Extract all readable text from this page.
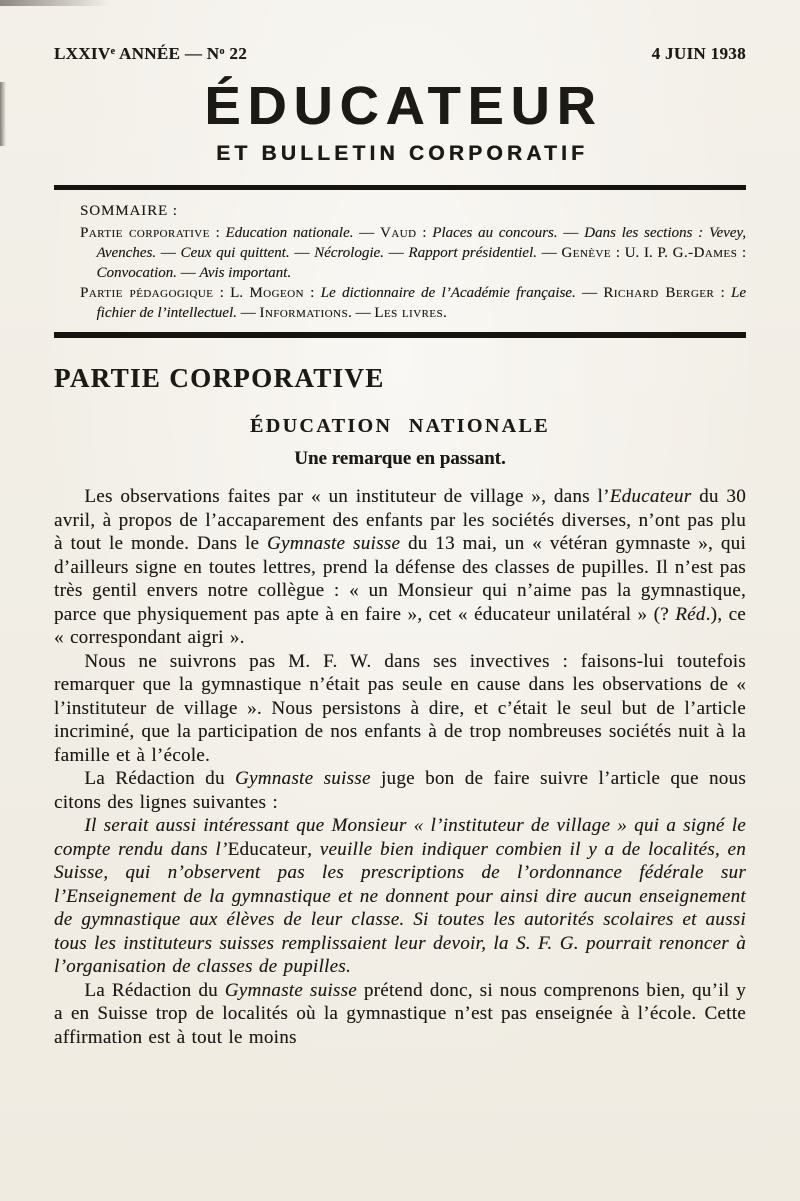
LXXIVe ANNÉE — $N^o$ 22	4 JUIN 1938
ÉDUCATEUR
ET BULLETIN CORPORATIF
SOMMAIRE :

Partie corporative : Education nationale. — Vaud : Places au concours. — Dans les sections : Vevey, Avenches. — Ceux qui quittent. — Nécrologie. — Rapport présidentiel. — Genève : U. I. P. G.-Dames : Convocation. — Avis important.

Partie pédagogique : L. Mogeon : Le dictionnaire de l’Académie française. — Richard Berger : Le fichier de l’intellectuel. — Informations. — Les livres.

PARTIE CORPORATIVE
ÉDUCATION NATIONALE
Une remarque en passant.

Les observations faites par « un instituteur de village », dans l’Educateur du 30 avril, à propos de l’accaparement des enfants par les sociétés diverses, n’ont pas plu à tout le monde. Dans le Gymnaste suisse du 13 mai, un « vétéran gymnaste », qui d’ailleurs signe en toutes lettres, prend la défense des classes de pupilles. Il n’est pas très gentil envers notre collègue : « un Monsieur qui n’aime pas la gymnastique, parce que physiquement pas apte à en faire », cet « éducateur unilatéral » (? Réd.), ce « correspondant aigri ».

Nous ne suivrons pas M. F. W. dans ses invectives : faisons-lui toutefois remarquer que la gymnastique n’était pas seule en cause dans les observations de « l’instituteur de village ». Nous persistons à dire, et c’était le seul but de l’article incriminé, que la participation de nos enfants à de trop nombreuses sociétés nuit à la famille et à l’école.

La Rédaction du Gymnaste suisse juge bon de faire suivre l’article que nous citons des lignes suivantes :

Il serait aussi intéressant que Monsieur « l’instituteur de village » qui a signé le compte rendu dans l’Educateur, veuille bien indiquer combien il y a de localités, en Suisse, qui n’observent pas les prescriptions de l’ordonnance fédérale sur l’Enseignement de la gymnastique et ne donnent pour ainsi dire aucun enseignement de gymnastique aux élèves de leur classe. Si toutes les autorités scolaires et aussi tous les instituteurs suisses remplissaient leur devoir, la S. F. G. pourrait renoncer à l’organisation de classes de pupilles.

La Rédaction du Gymnaste suisse prétend donc, si nous comprenons bien, qu’il y a en Suisse trop de localités où la gymnastique n’est pas enseignée à l’école. Cette affirmation est à tout le moins
